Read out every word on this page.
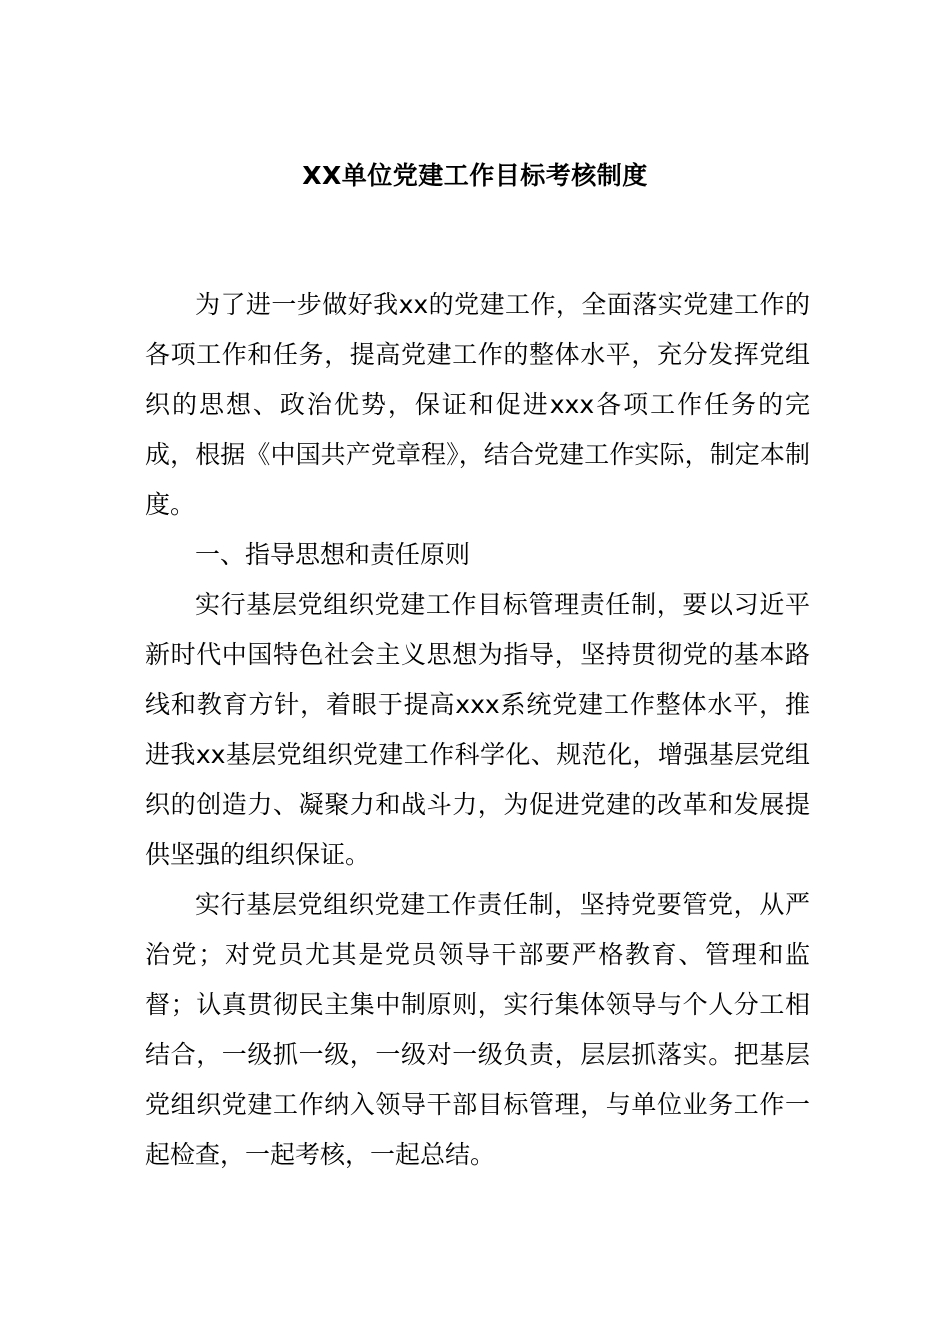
XX单位党建工作目标考核制度

为了进一步做好我xx的党建工作，全面落实党建工作的各项工作和任务，提高党建工作的整体水平，充分发挥党组织的思想、政治优势，保证和促进xxx各项工作任务的完成，根据《中国共产党章程》，结合党建工作实际，制定本制度。

一、指导思想和责任原则

实行基层党组织党建工作目标管理责任制，要以习近平新时代中国特色社会主义思想为指导，坚持贯彻党的基本路线和教育方针，着眼于提高xxx系统党建工作整体水平，推进我xx基层党组织党建工作科学化、规范化，增强基层党组织的创造力、凝聚力和战斗力，为促进党建的改革和发展提供坚强的组织保证。

实行基层党组织党建工作责任制，坚持党要管党，从严治党；对党员尤其是党员领导干部要严格教育、管理和监督；认真贯彻民主集中制原则，实行集体领导与个人分工相结合，一级抓一级，一级对一级负责，层层抓落实。把基层党组织党建工作纳入领导干部目标管理，与单位业务工作一起检查，一起考核，一起总结。
